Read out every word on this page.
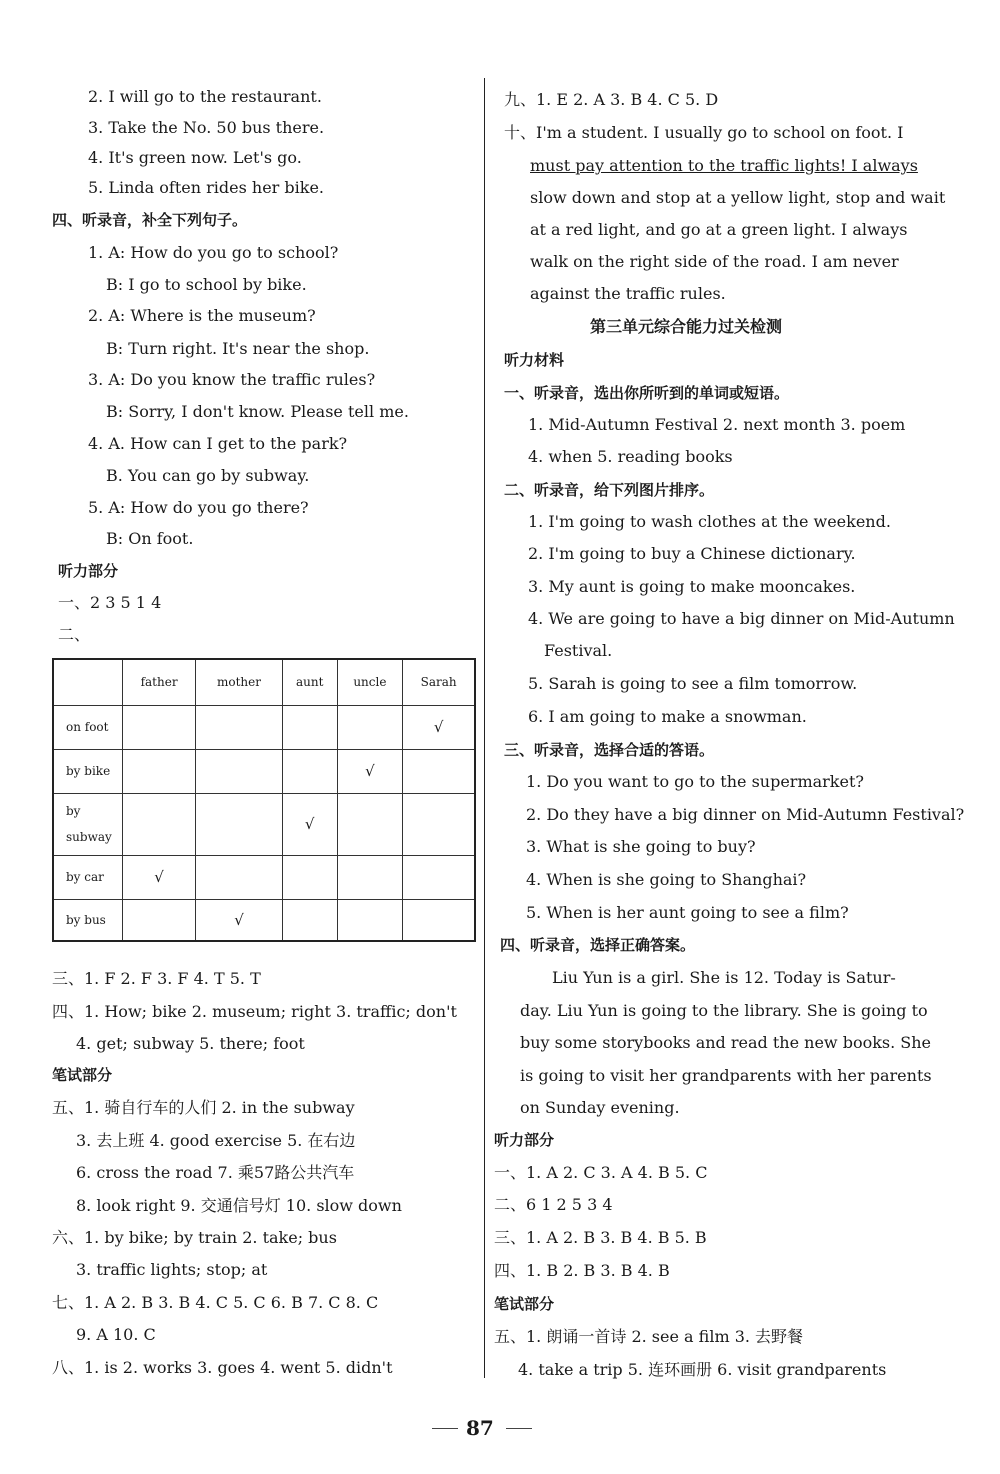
2. I will go to the restaurant.
3. Take the No. 50 bus there.
4. It's green now. Let's go.
5. Linda often rides her bike.
四、听录音，补全下列句子。
1. A: How do you go to school?
B: I go to school by bike.
2. A: Where is the museum?
B: Turn right. It's near the shop.
3. A: Do you know the traffic rules?
B: Sorry, I don't know. Please tell me.
4. A. How can I get to the park?
B. You can go by subway.
5. A: How do you go there?
B: On foot.
听力部分
一、2 3 5 1 4
二、
	father	mother	aunt	uncle	Sarah
on foot					√
by bike				√	
by subway			√		
by car	√				
by bus		√			
三、1. F 2. F 3. F 4. T 5. T
四、1. How; bike 2. museum; right 3. traffic; don't
4. get; subway 5. there; foot
笔试部分
五、1. 骑自行车的人们 2. in the subway
3. 去上班 4. good exercise 5. 在右边
6. cross the road 7. 乘57路公共汽车
8. look right 9. 交通信号灯 10. slow down
六、1. by bike; by train 2. take; bus
3. traffic lights; stop; at
七、1. A 2. B 3. B 4. C 5. C 6. B 7. C 8. C
9. A 10. C
八、1. is 2. works 3. goes 4. went 5. didn't
九、1. E 2. A 3. B 4. C 5. D
十、I'm a student. I usually go to school on foot. I
must pay attention to the traffic lights! I always
slow down and stop at a yellow light, stop and wait
at a red light, and go at a green light. I always
walk on the right side of the road. I am never
against the traffic rules.
第三单元综合能力过关检测
听力材料
一、听录音，选出你所听到的单词或短语。
1. Mid-Autumn Festival 2. next month 3. poem
4. when 5. reading books
二、听录音，给下列图片排序。
1. I'm going to wash clothes at the weekend.
2. I'm going to buy a Chinese dictionary.
3. My aunt is going to make mooncakes.
4. We are going to have a big dinner on Mid-Autumn
Festival.
5. Sarah is going to see a film tomorrow.
6. I am going to make a snowman.
三、听录音，选择合适的答语。
1. Do you want to go to the supermarket?
2. Do they have a big dinner on Mid-Autumn Festival?
3. What is she going to buy?
4. When is she going to Shanghai?
5. When is her aunt going to see a film?
四、听录音，选择正确答案。
Liu Yun is a girl. She is 12. Today is Satur-
day. Liu Yun is going to the library. She is going to
buy some storybooks and read the new books. She
is going to visit her grandparents with her parents
on Sunday evening.
听力部分
一、1. A 2. C 3. A 4. B 5. C
二、6 1 2 5 3 4
三、1. A 2. B 3. B 4. B 5. B
四、1. B 2. B 3. B 4. B
笔试部分
五、1. 朗诵一首诗 2. see a film 3. 去野餐
4. take a trip 5. 连环画册 6. visit grandparents
87
